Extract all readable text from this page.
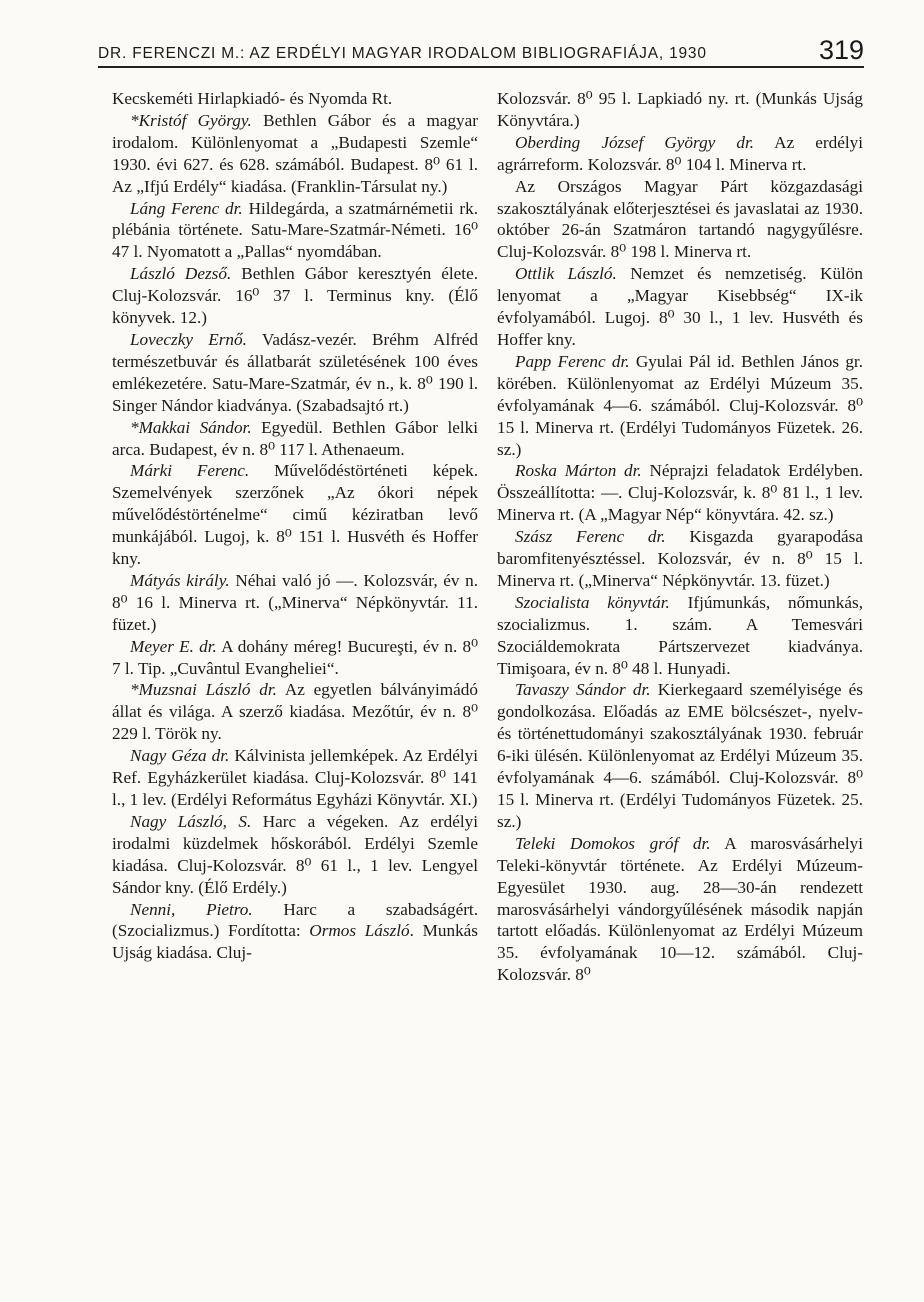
DR. FERENCZI M.: AZ ERDÉLYI MAGYAR IRODALOM BIBLIOGRAFIÁJA, 1930	319

Kecskeméti Hirlapkiadó- és Nyomda Rt.

*Kristóf György. Bethlen Gábor és a magyar irodalom. Különlenyomat a „Budapesti Szemle“ 1930. évi 627. és 628. számából. Budapest. 8⁰ 61 l. Az „Ifjú Erdély“ kiadása. (Franklin-Társulat ny.)

Láng Ferenc dr. Hildegárda, a szatmárnémetii rk. plébánia története. Satu-Mare-Szatmár-Németi. 16⁰ 47 l. Nyomatott a „Pallas“ nyomdában.

László Dezső. Bethlen Gábor keresztyén élete. Cluj-Kolozsvár. 16⁰ 37 l. Terminus kny. (Élő könyvek. 12.)

Loveczky Ernő. Vadász-vezér. Bréhm Alfréd természetbuvár és állatbarát születésének 100 éves emlékezetére. Satu-Mare-Szatmár, év n., k. 8⁰ 190 l. Singer Nándor kiadványa. (Szabadsajtó rt.)

*Makkai Sándor. Egyedül. Bethlen Gábor lelki arca. Budapest, év n. 8⁰ 117 l. Athenaeum.

Márki Ferenc. Művelődéstörténeti képek. Szemelvények szerzőnek „Az ókori népek művelődéstörténelme“ cimű kéziratban levő munkájából. Lugoj, k. 8⁰ 151 l. Husvéth és Hoffer kny.

Mátyás király. Néhai való jó —. Kolozsvár, év n. 8⁰ 16 l. Minerva rt. („Minerva“ Népkönyvtár. 11. füzet.)

Meyer E. dr. A dohány méreg! Bucureşti, év n. 8⁰ 7 l. Tip. „Cuvântul Evangheliei“.

*Muzsnai László dr. Az egyetlen bálványimádó állat és világa. A szerző kiadása. Mezőtúr, év n. 8⁰ 229 l. Török ny.

Nagy Géza dr. Kálvinista jellemképek. Az Erdélyi Ref. Egyházkerület kiadása. Cluj-Kolozsvár. 8⁰ 141 l., 1 lev. (Erdélyi Református Egyházi Könyvtár. XI.)

Nagy László, S. Harc a végeken. Az erdélyi irodalmi küzdelmek hőskorából. Erdélyi Szemle kiadása. Cluj-Kolozsvár. 8⁰ 61 l., 1 lev. Lengyel Sándor kny. (Élő Erdély.)

Nenni, Pietro. Harc a szabadságért. (Szocializmus.) Fordította: Ormos László. Munkás Ujság kiadása. Cluj-

Kolozsvár. 8⁰ 95 l. Lapkiadó ny. rt. (Munkás Ujság Könyvtára.)

Oberding József György dr. Az erdélyi agrárreform. Kolozsvár. 8⁰ 104 l. Minerva rt.

Az Országos Magyar Párt közgazdasági szakosztályának előterjesztései és javaslatai az 1930. október 26-án Szatmáron tartandó nagygyűlésre. Cluj-Kolozsvár. 8⁰ 198 l. Minerva rt.

Ottlik László. Nemzet és nemzetiség. Külön lenyomat a „Magyar Kisebbség“ IX-ik évfolyamából. Lugoj. 8⁰ 30 l., 1 lev. Husvéth és Hoffer kny.

Papp Ferenc dr. Gyulai Pál id. Bethlen János gr. körében. Különlenyomat az Erdélyi Múzeum 35. évfolyamának 4—6. számából. Cluj-Kolozsvár. 8⁰ 15 l. Minerva rt. (Erdélyi Tudományos Füzetek. 26. sz.)

Roska Márton dr. Néprajzi feladatok Erdélyben. Összeállította: —. Cluj-Kolozsvár, k. 8⁰ 81 l., 1 lev. Minerva rt. (A „Magyar Nép“ könyvtára. 42. sz.)

Szász Ferenc dr. Kisgazda gyarapodása baromfitenyésztéssel. Kolozsvár, év n. 8⁰ 15 l. Minerva rt. („Minerva“ Népkönyvtár. 13. füzet.)

Szocialista könyvtár. Ifjúmunkás, nőmunkás, szocializmus. 1. szám. A Temesvári Szociáldemokrata Pártszervezet kiadványa. Timişoara, év n. 8⁰ 48 l. Hunyadi.

Tavaszy Sándor dr. Kierkegaard személyisége és gondolkozása. Előadás az EME bölcsészet-, nyelv- és történettudományi szakosztályának 1930. február 6-iki ülésén. Különlenyomat az Erdélyi Múzeum 35. évfolyamának 4—6. számából. Cluj-Kolozsvár. 8⁰ 15 l. Minerva rt. (Erdélyi Tudományos Füzetek. 25. sz.)

Teleki Domokos gróf dr. A marosvásárhelyi Teleki-könyvtár története. Az Erdélyi Múzeum-Egyesület 1930. aug. 28—30-án rendezett marosvásárhelyi vándorgyűlésének második napján tartott előadás. Különlenyomat az Erdélyi Múzeum 35. évfolyamának 10—12. számából. Cluj-Kolozsvár. 8⁰
